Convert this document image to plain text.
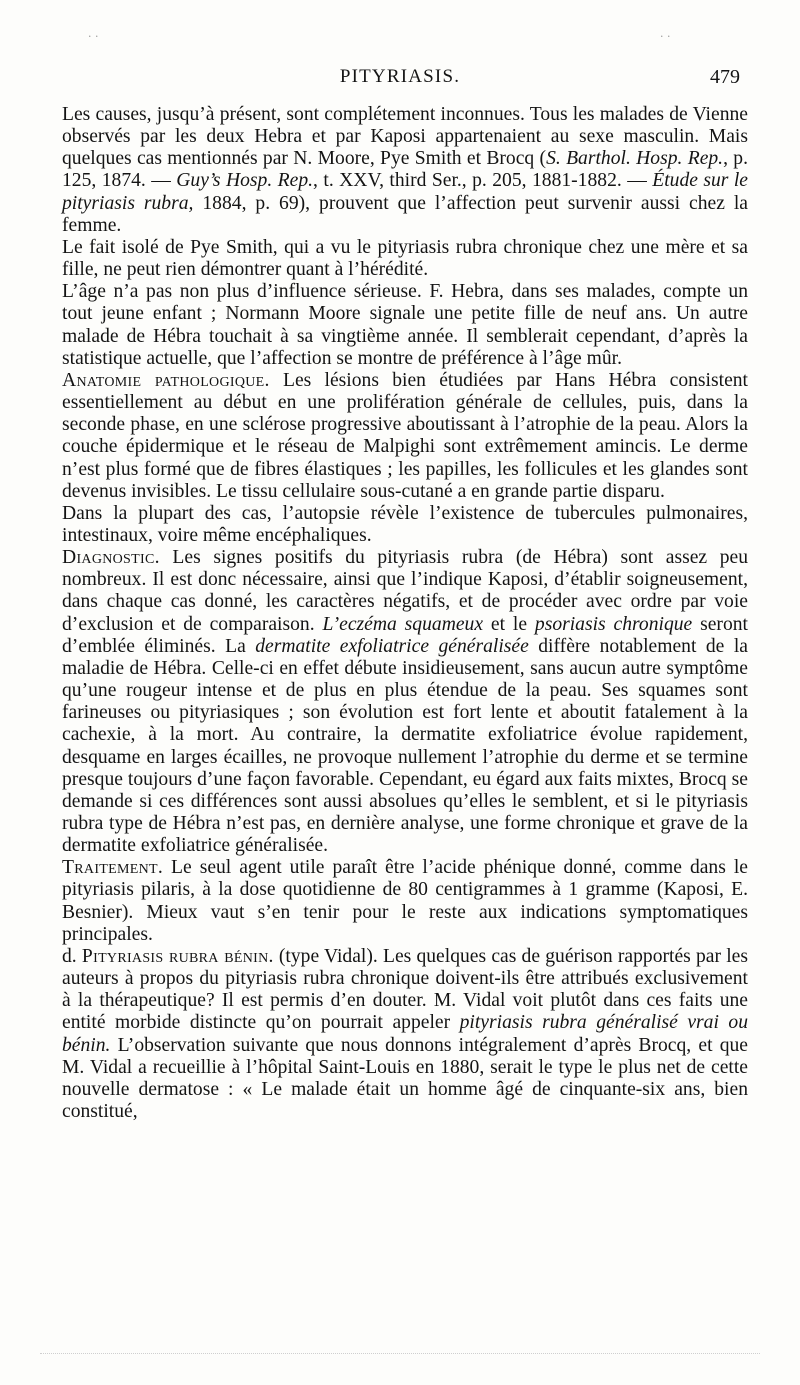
· ·	· ·
PITYRIASIS.	479

Les causes, jusqu’à présent, sont complétement inconnues. Tous les malades de Vienne observés par les deux Hebra et par Kaposi appartenaient au sexe masculin. Mais quelques cas mentionnés par N. Moore, Pye Smith et Brocq (S. Barthol. Hosp. Rep., p. 125, 1874. — Guy’s Hosp. Rep., t. XXV, third Ser., p. 205, 1881-1882. — Étude sur le pityriasis rubra, 1884, p. 69), prouvent que l’affection peut survenir aussi chez la femme.

Le fait isolé de Pye Smith, qui a vu le pityriasis rubra chronique chez une mère et sa fille, ne peut rien démontrer quant à l’hérédité.

L’âge n’a pas non plus d’influence sérieuse. F. Hebra, dans ses malades, compte un tout jeune enfant ; Normann Moore signale une petite fille de neuf ans. Un autre malade de Hébra touchait à sa vingtième année. Il semblerait cependant, d’après la statistique actuelle, que l’affection se montre de préférence à l’âge mûr.

Anatomie pathologique. Les lésions bien étudiées par Hans Hébra consistent essentiellement au début en une prolifération générale de cellules, puis, dans la seconde phase, en une sclérose progressive aboutissant à l’atrophie de la peau. Alors la couche épidermique et le réseau de Malpighi sont extrêmement amincis. Le derme n’est plus formé que de fibres élastiques ; les papilles, les follicules et les glandes sont devenus invisibles. Le tissu cellulaire sous-cutané a en grande partie disparu.

Dans la plupart des cas, l’autopsie révèle l’existence de tubercules pulmonaires, intestinaux, voire même encéphaliques.

Diagnostic. Les signes positifs du pityriasis rubra (de Hébra) sont assez peu nombreux. Il est donc nécessaire, ainsi que l’indique Kaposi, d’établir soigneusement, dans chaque cas donné, les caractères négatifs, et de procéder avec ordre par voie d’exclusion et de comparaison. L’eczéma squameux et le psoriasis chronique seront d’emblée éliminés. La dermatite exfoliatrice généralisée diffère notablement de la maladie de Hébra. Celle-ci en effet débute insidieusement, sans aucun autre symptôme qu’une rougeur intense et de plus en plus étendue de la peau. Ses squames sont farineuses ou pityriasiques ; son évolution est fort lente et aboutit fatalement à la cachexie, à la mort. Au contraire, la dermatite exfoliatrice évolue rapidement, desquame en larges écailles, ne provoque nullement l’atrophie du derme et se termine presque toujours d’une façon favorable. Cependant, eu égard aux faits mixtes, Brocq se demande si ces différences sont aussi absolues qu’elles le semblent, et si le pityriasis rubra type de Hébra n’est pas, en dernière analyse, une forme chronique et grave de la dermatite exfoliatrice généralisée.

Traitement. Le seul agent utile paraît être l’acide phénique donné, comme dans le pityriasis pilaris, à la dose quotidienne de 80 centigrammes à 1 gramme (Kaposi, E. Besnier). Mieux vaut s’en tenir pour le reste aux indications symptomatiques principales.

d. Pityriasis rubra bénin. (type Vidal). Les quelques cas de guérison rapportés par les auteurs à propos du pityriasis rubra chronique doivent-ils être attribués exclusivement à la thérapeutique? Il est permis d’en douter. M. Vidal voit plutôt dans ces faits une entité morbide distincte qu’on pourrait appeler pityriasis rubra généralisé vrai ou bénin. L’observation suivante que nous donnons intégralement d’après Brocq, et que M. Vidal a recueillie à l’hôpital Saint-Louis en 1880, serait le type le plus net de cette nouvelle dermatose : « Le malade était un homme âgé de cinquante-six ans, bien constitué,
